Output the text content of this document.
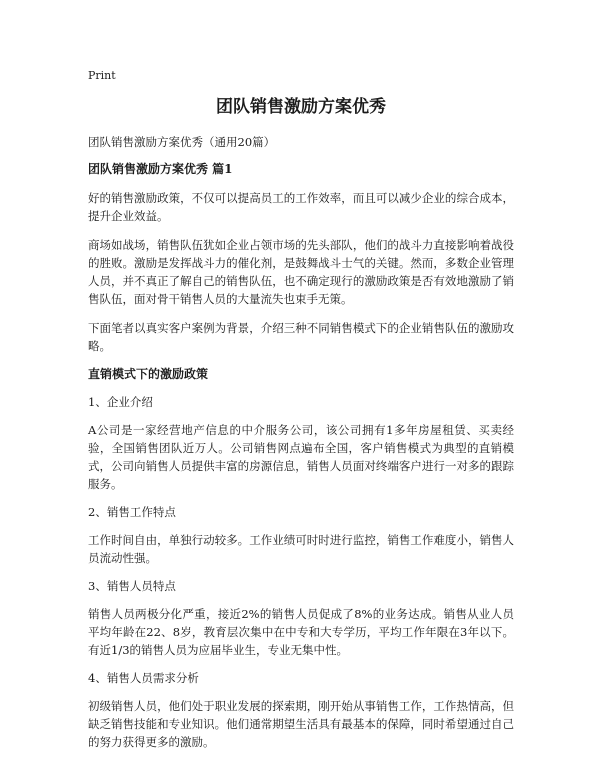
Print
团队销售激励方案优秀
团队销售激励方案优秀（通用20篇）
团队销售激励方案优秀 篇1

好的销售激励政策，不仅可以提高员工的工作效率，而且可以减少企业的综合成本，提升企业效益。

商场如战场，销售队伍犹如企业占领市场的先头部队，他们的战斗力直接影响着战役的胜败。激励是发挥战斗力的催化剂，是鼓舞战斗士气的关键。然而，多数企业管理人员，并不真正了解自己的销售队伍，也不确定现行的激励政策是否有效地激励了销售队伍，面对骨干销售人员的大量流失也束手无策。

下面笔者以真实客户案例为背景，介绍三种不同销售模式下的企业销售队伍的激励攻略。

直销模式下的激励政策
1、企业介绍

A公司是一家经营地产信息的中介服务公司，该公司拥有1多年房屋租赁、买卖经验，全国销售团队近万人。公司销售网点遍布全国，客户销售模式为典型的直销模式，公司向销售人员提供丰富的房源信息，销售人员面对终端客户进行一对多的跟踪服务。

2、销售工作特点

工作时间自由，单独行动较多。工作业绩可时时进行监控，销售工作难度小，销售人员流动性强。

3、销售人员特点

销售人员两极分化严重，接近2%的销售人员促成了8%的业务达成。销售从业人员平均年龄在22、8岁，教育层次集中在中专和大专学历，平均工作年限在3年以下。有近1/3的销售人员为应届毕业生，专业无集中性。

4、销售人员需求分析

初级销售人员，他们处于职业发展的探索期，刚开始从事销售工作，工作热情高，但缺乏销售技能和专业知识。他们通常期望生活具有最基本的保障，同时希望通过自己的努力获得更多的激励。
